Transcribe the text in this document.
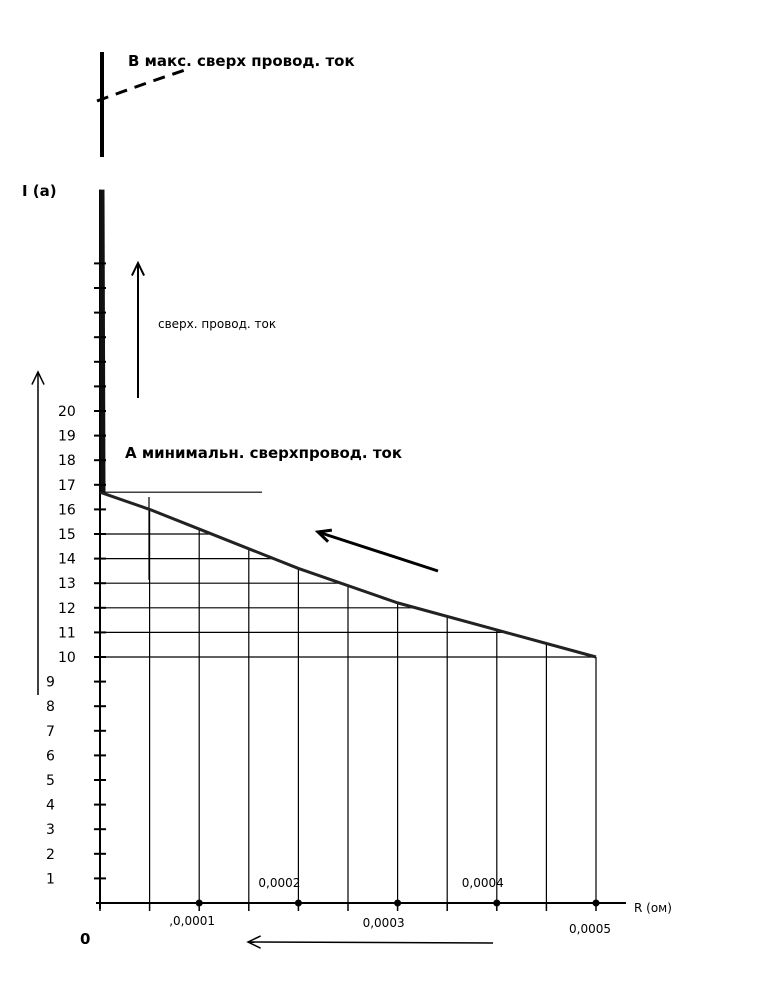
1
2
3
4
5
6
7
8
9
10
11
12
13
14
15
16
17
18
19
20
,0,0001
0,0002
0,0003
0,0004
0,0005
I (а)
R (ом)
0
В макс. сверх провод. ток
А минимальн. сверхпровод. ток
сверх. провод. ток
